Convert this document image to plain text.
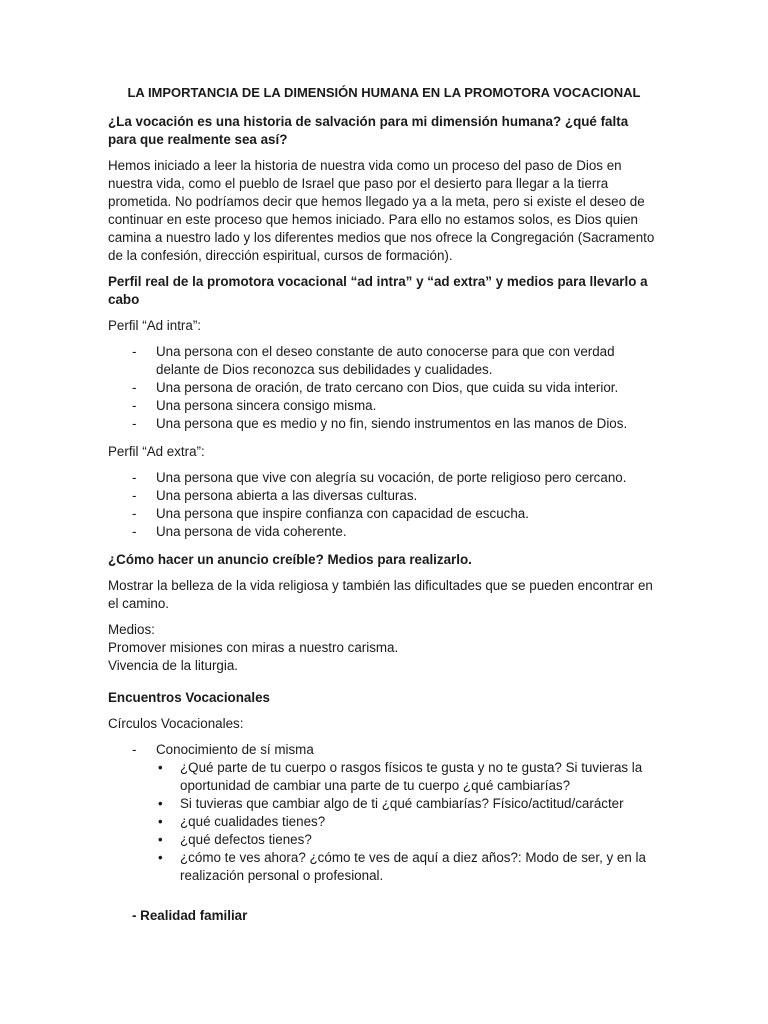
LA IMPORTANCIA DE LA DIMENSIÓN HUMANA EN LA PROMOTORA VOCACIONAL
¿La vocación es una historia de salvación para mi dimensión humana? ¿qué falta para que realmente sea así?
Hemos iniciado a leer la historia de nuestra vida como un proceso del paso de Dios en nuestra vida, como el pueblo de Israel que paso por el desierto para llegar a la tierra prometida. No podríamos decir que hemos llegado ya a la meta, pero si existe el deseo de continuar en este proceso que hemos iniciado. Para ello no estamos solos, es Dios quien camina a nuestro lado y los diferentes medios que nos ofrece la Congregación (Sacramento de la confesión, dirección espiritual, cursos de formación).
Perfil real de la promotora vocacional “ad intra” y “ad extra” y medios para llevarlo a cabo
Perfil “Ad intra”:
- Una persona con el deseo constante de auto conocerse para que con verdad delante de Dios reconozca sus debilidades y cualidades.
- Una persona de oración, de trato cercano con Dios, que cuida su vida interior.
- Una persona sincera consigo misma.
- Una persona que es medio y no fin, siendo instrumentos en las manos de Dios.
Perfil “Ad extra”:
- Una persona que vive con alegría su vocación, de porte religioso pero cercano.
- Una persona abierta a las diversas culturas.
- Una persona que inspire confianza con capacidad de escucha.
- Una persona de vida coherente.
¿Cómo hacer un anuncio creíble? Medios para realizarlo.
Mostrar la belleza de la vida religiosa y también las dificultades que se pueden encontrar en el camino.
Medios:
Promover misiones con miras a nuestro carisma.
Vivencia de la liturgia.
Encuentros Vocacionales
Círculos Vocacionales:
- Conocimiento de sí misma
• ¿Qué parte de tu cuerpo o rasgos físicos te gusta y no te gusta? Si tuvieras la oportunidad de cambiar una parte de tu cuerpo ¿qué cambiarías?
• Si tuvieras que cambiar algo de ti ¿qué cambiarías? Físico/actitud/carácter
• ¿qué cualidades tienes?
• ¿qué defectos tienes?
• ¿cómo te ves ahora? ¿cómo te ves de aquí a diez años?: Modo de ser, y en la realización personal o profesional.
- Realidad familiar
